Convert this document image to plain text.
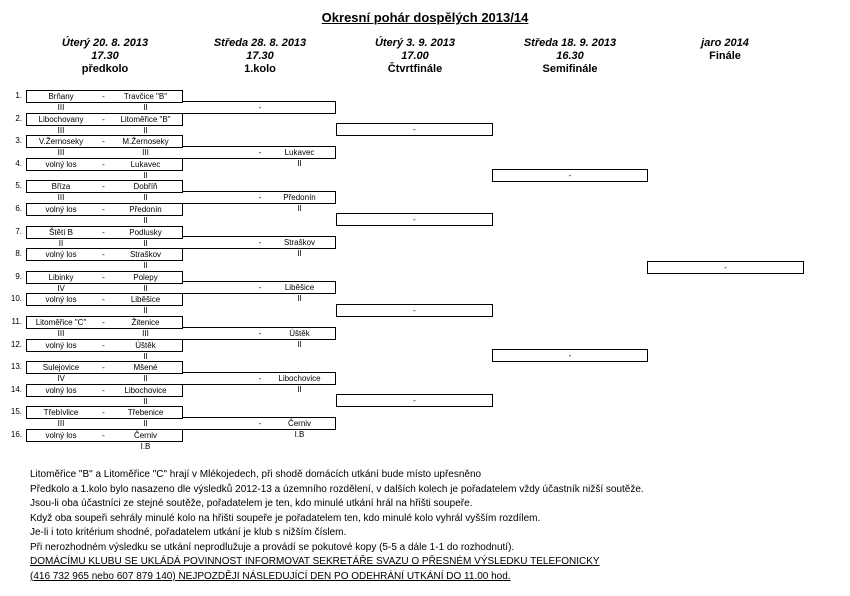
Okresní pohár dospělých 2013/14
Úterý 20. 8. 2013
17.30
předkolo
Středa 28. 8. 2013
17.30
1.kolo
Úterý 3. 9. 2013
17.00
Čtvrtfinále
Středa 18. 9. 2013
16.30
Semifinále
jaro 2014
Finále
1.	Brňany	-	Travčice "B"
III	II
2.	Libochovany	-	Litoměřice "B"
III	II
3.	V.Žernoseky	-	M.Žernoseky
III	III
4.	volný los	-	Lukavec
II
5.	Bříza	-	Dobříň
III	II
6.	volný los	-	Předonín
II
7.	Štětí B	-	Podlusky
II	II
8.	volný los	-	Straškov
II
9.	Libinky	-	Polepy
IV	II
10.	volný los	-	Liběšice
II
11.	Litoměřice "C"	-	Žitenice
III	III
12.	volný los	-	Úštěk
II
13.	Sulejovice	-	Mšené
IV	II
14.	volný los	-	Libochovice
II
15.	Třebívlice	-	Třebenice
III	II
16.	volný los	-	Černiv
I.B
-
-	Lukavec
II
-	Předonín
II
-	Straškov
II
-	Liběšice
II
-	Úštěk
II
-	Libochovice
II
-	Černiv
I.B
-
-
-
-
-
-
-
Litoměřice "B" a Litoměřice "C" hrají v Mlékojedech, při shodě domácích utkání bude místo upřesněno
Předkolo a 1.kolo bylo nasazeno dle výsledků 2012-13 a územního rozdělení, v dalších kolech je pořadatelem vždy účastník nižší soutěže.
Jsou-li oba účastníci ze stejné soutěže, pořadatelem je ten, kdo minulé utkání hrál na hřišti soupeře.
Když oba soupeři sehrály minulé kolo na hřišti soupeře je pořadatelem ten, kdo minulé kolo vyhrál vyšším rozdílem.
Je-li i toto kritérium shodné, pořadatelem utkání je klub s nižším číslem.
Při nerozhodném výsledku se utkání neprodlužuje a provádí se pokutové kopy (5-5 a dále 1-1 do rozhodnutí).
DOMÁCÍMU KLUBU SE UKLÁDÁ POVINNOST INFORMOVAT SEKRETÁŘE SVAZU O PŘESNÉM VÝSLEDKU TELEFONICKY
(416 732 965 nebo 607 879 140) NEJPOZDĚJI NÁSLEDUJÍCÍ DEN PO ODEHRÁNÍ UTKÁNÍ DO 11.00 hod.
